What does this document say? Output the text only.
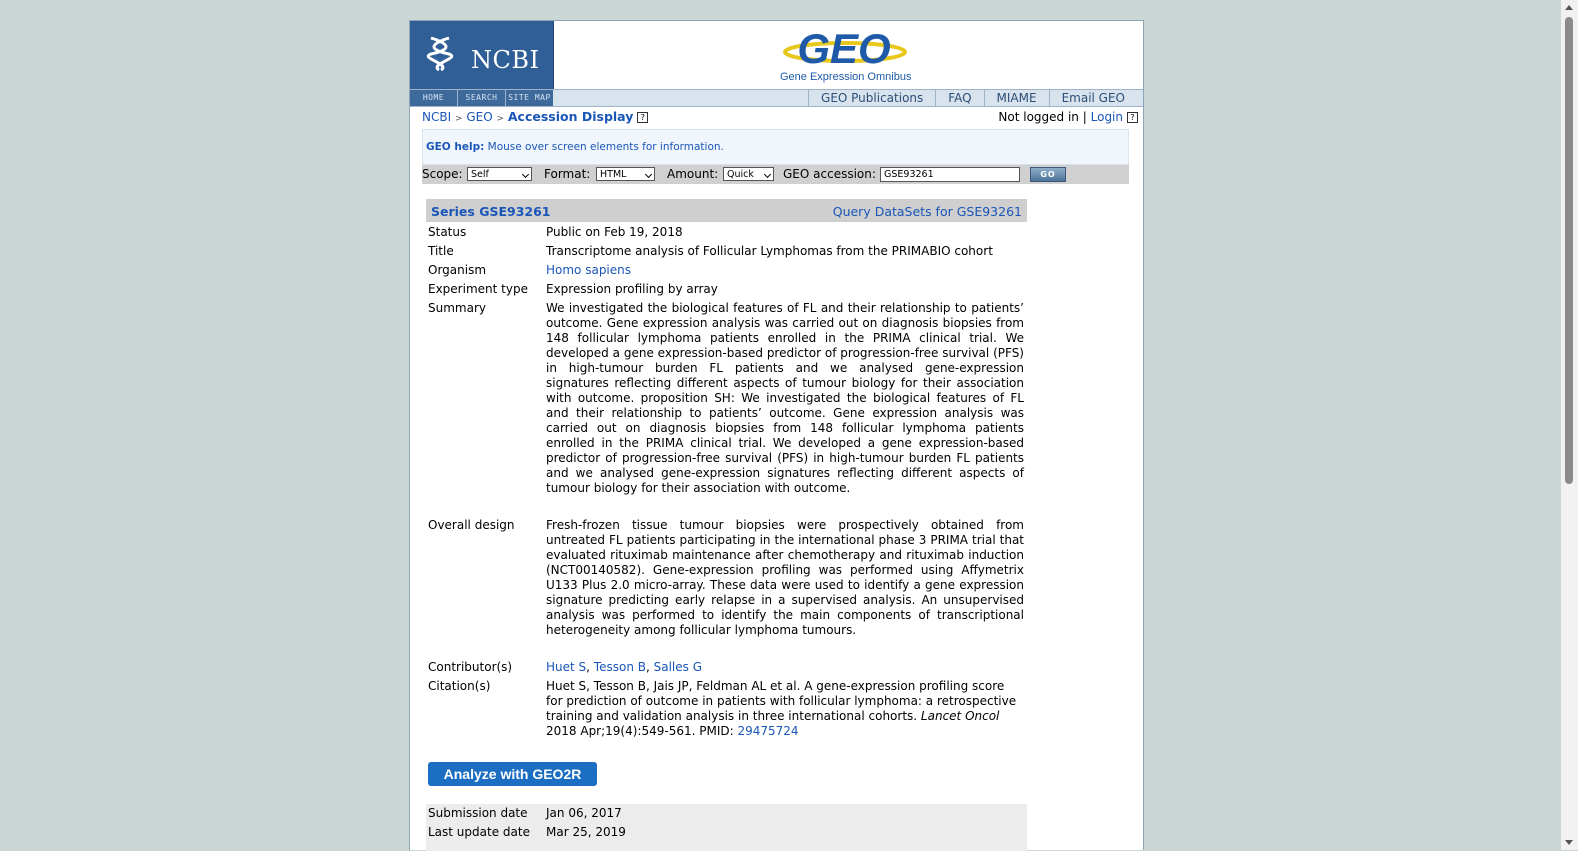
NCBI	GEO
Gene Expression Omnibus
HOME	SEARCH	SITE MAP	GEO Publications	FAQ	MIAME	Email GEO
NCBI > GEO > Accession Display ?	Not logged in | Login ?
GEO help: Mouse over screen elements for information.
Scope: Self	Format:	HTML	Amount: Quick	GEO accession: GSE93261	GO
Series GSE93261	Query DataSets for GSE93261
Status	Public on Feb 19, 2018
Title	Transcriptome analysis of Follicular Lymphomas from the PRIMABIO cohort
Organism	Homo sapiens
Experiment type	Expression profiling by array
Summary	We investigated the biological features of FL and their relationship to patients’ outcome. Gene expression analysis was carried out on diagnosis biopsies from 148 follicular lymphoma patients enrolled in the PRIMA clinical trial. We developed a gene expression-based predictor of progression-free survival (PFS) in high-tumour burden FL patients and we analysed gene-expression signatures reflecting different aspects of tumour biology for their association with outcome. proposition SH: We investigated the biological features of FL and their relationship to patients’ outcome. Gene expression analysis was carried out on diagnosis biopsies from 148 follicular lymphoma patients enrolled in the PRIMA clinical trial. We developed a gene expression-based predictor of progression-free survival (PFS) in high-tumour burden FL patients and we analysed gene-expression signatures reflecting different aspects of tumour biology for their association with outcome.
Overall design	Fresh-frozen tissue tumour biopsies were prospectively obtained from untreated FL patients participating in the international phase 3 PRIMA trial that evaluated rituximab maintenance after chemotherapy and rituximab induction (NCT00140582). Gene-expression profiling was performed using Affymetrix U133 Plus 2.0 micro-array. These data were used to identify a gene expression signature predicting early relapse in a supervised analysis. An unsupervised analysis was performed to identify the main components of transcriptional heterogeneity among follicular lymphoma tumours.
Contributor(s)	Huet S, Tesson B, Salles G
Citation(s)	Huet S, Tesson B, Jais JP, Feldman AL et al. A gene-expression profiling score for prediction of outcome in patients with follicular lymphoma: a retrospective training and validation analysis in three international cohorts. Lancet Oncol
2018 Apr;19(4):549-561. PMID: 29475724
Analyze with GEO2R
Submission date	Jan 06, 2017
Last update date	Mar 25, 2019
